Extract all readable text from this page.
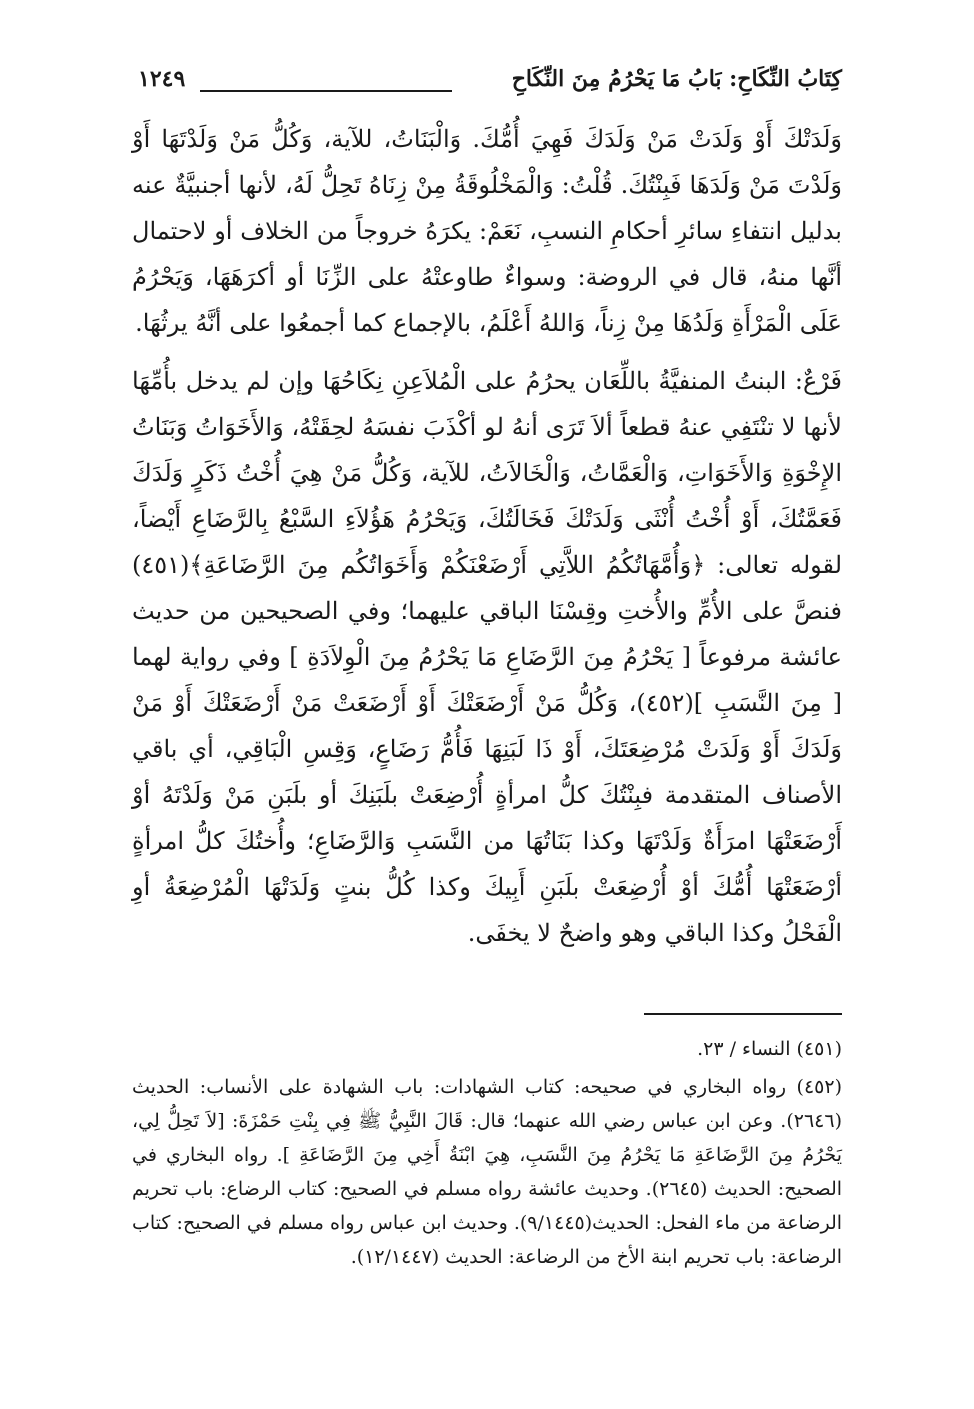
كِتَابُ النِّكَاحِ: بَابُ مَا يَحْرُمُ مِنَ النِّكَاحِ
١٢٤٩

وَلَدَتْكَ أَوْ وَلَدَتْ مَنْ وَلَدَكَ فَهِيَ أُمُّكَ. وَالْبَنَاتُ، للآية، وَكُلُّ مَنْ وَلَدْتَهَا أَوْ وَلَدْتَ مَنْ وَلَدَهَا فَبِنْتُكَ. قُلْتُ: وَالْمَخْلُوقَةُ مِنْ زِنَاهُ تَحِلُّ لَهُ، لأنها أجنبيَّةٌ عنه بدليل انتفاءِ سائرِ أحكامِ النسبِ، نَعَمْ: يكرَهُ خروجاً من الخلاف أو لاحتمال أنَّها منهُ، قال في الروضة: وسواءٌ طاوعتْهُ على الزِّنَا أو أكرَهَهَا، وَيَحْرُمُ عَلَى الْمَرْأَةِ وَلَدُهَا مِنْ زِناً، وَاللهُ أَعْلَمُ، بالإجماع كما أجمعُوا على أنَّهُ يرثُهَا.

فَرْعٌ: البنتُ المنفيَّةُ باللِّعَان يحرُمُ على الْمُلاَعِنِ نِكَاحُهَا وإن لم يدخل بأُمِّهَا لأنها لا تنْتَفِي عنهُ قطعاً ألاَ تَرَى أنهُ لو أكْذَبَ نفسَهُ لحِقَتْهُ، وَالأَخَوَاتُ وَبَنَاتُ الإِخْوَةِ وَالأَخَوَاتِ، وَالْعَمَّاتُ، وَالْخَالاَتُ، للآية، وَكُلُّ مَنْ هِيَ أُخْتُ ذَكَرٍ وَلَدَكَ فَعَمَّتُكَ، أَوْ أُخْتُ أُنْثَى وَلَدَتْكَ فَخَالَتُكَ، وَيَحْرُمُ هَؤُلاَءِ السَّبْعُ بِالرَّضَاعِ أَيْضاً، لقوله تعالى: ﴿وَأُمَّهَاتُكُمُ اللاَّتِي أَرْضَعْنَكُمْ وَأَخَوَاتُكُم مِنَ الرَّضَاعَةِ﴾(٤٥١) فنصَّ على الأُمِّ والأُختِ وقِسْنَا الباقي عليهما؛ وفي الصحيحين من حديث عائشة مرفوعاً [ يَحْرُمُ مِنَ الرَّضَاعِ مَا يَحْرُمُ مِنَ الْوِلاَدَةِ ] وفي رواية لهما [ مِنَ النَّسَبِ ](٤٥٢)، وَكُلُّ مَنْ أَرْضَعَتْكَ أَوْ أَرْضَعَتْ مَنْ أَرْضَعَتْكَ أَوْ مَنْ وَلَدَكَ أَوْ وَلَدَتْ مُرْضِعَتَكَ، أَوْ ذَا لَبَنِهَا فَأُمُّ رَضَاعٍ، وَقِسِ الْبَاقِي، أي باقي الأصناف المتقدمة فبِنْتُكَ كلُّ امرأةٍ أُرْضِعَتْ بلَبَنِكَ أو بلَبَنِ مَنْ وَلَدْتَهُ أوْ أَرْضَعَتْهَا امرَأَةٌ وَلَدْتَهَا وكذا بَنَاتُهَا من النَّسَبِ وَالرَّضَاعِ؛ وأُختُكَ كلُّ امرأةٍ أرْضَعَتْهَا أُمُّكَ أوْ أُرْضِعَتْ بلَبَنِ أَبِيكَ وكذا كُلُّ بنتٍ وَلَدَتْهَا الْمُرْضِعَةُ أوِ الْفَحْلُ وكذا الباقي وهو واضحٌ لا يخفَى.

(٤٥١) النساء / ٢٣.

(٤٥٢) رواه البخاري في صحيحه: كتاب الشهادات: باب الشهادة على الأنساب: الحديث (٢٦٤٦). وعن ابن عباس رضي الله عنهما؛ قال: قَالَ النَّبِيُّ ﷺ فِي بِنْتِ حَمْزَةَ: [لاَ تَحِلُّ لِي، يَحْرُمُ مِنَ الرَّضَاعَةِ مَا يَحْرُمُ مِنَ النَّسَبِ، هِيَ ابْنَةُ أَخِي مِنَ الرَّضَاعَةِ ]. رواه البخاري في الصحيح: الحديث (٢٦٤٥). وحديث عائشة رواه مسلم في الصحيح: كتاب الرضاع: باب تحريم الرضاعة من ماء الفحل: الحديث(٩/١٤٤٥). وحديث ابن عباس رواه مسلم في الصحيح: كتاب الرضاعة: باب تحريم ابنة الأخ من الرضاعة: الحديث (١٢/١٤٤٧).
